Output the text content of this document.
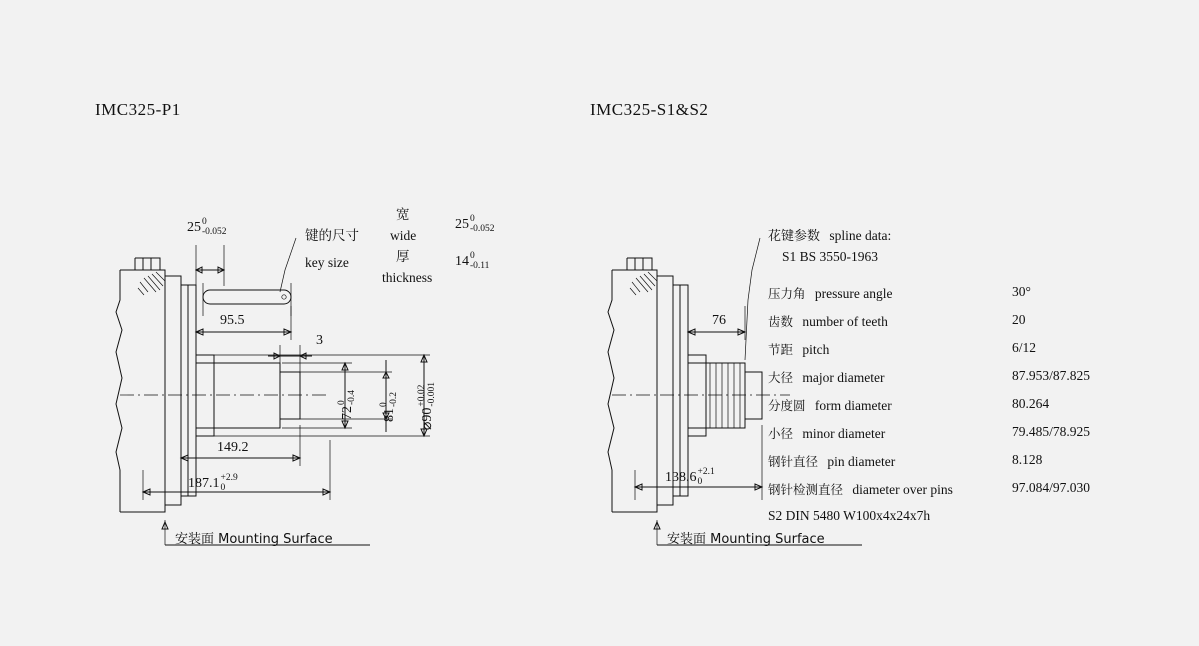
IMC325-P1	IMC325-S1&S2
25 0
-0.052	键的尺寸
key size
宽
wide
25 0
-0.052
厚
thickness
14 0
-0.11
95.5
3
149.2
187.1 +2.9
0
72
0 -0.4
81
0 -0.2
⌀90
+0.02 -0.001
安装面 Mounting Surface
花键参数 spline data:
S1 BS 3550-1963
压力角 pressure angle	30°
齿数 number of teeth	20
节距 pitch	6/12
大径 major diameter	87.953/87.825
分度圆 form diameter	80.264
小径 minor diameter	79.485/78.925
钢针直径 pin diameter	8.128
钢针检测直径 diameter over pins	97.084/97.030
S2 DIN 5480 W100x4x24x7h
76
138.6 +2.1
0
安装面 Mounting Surface
